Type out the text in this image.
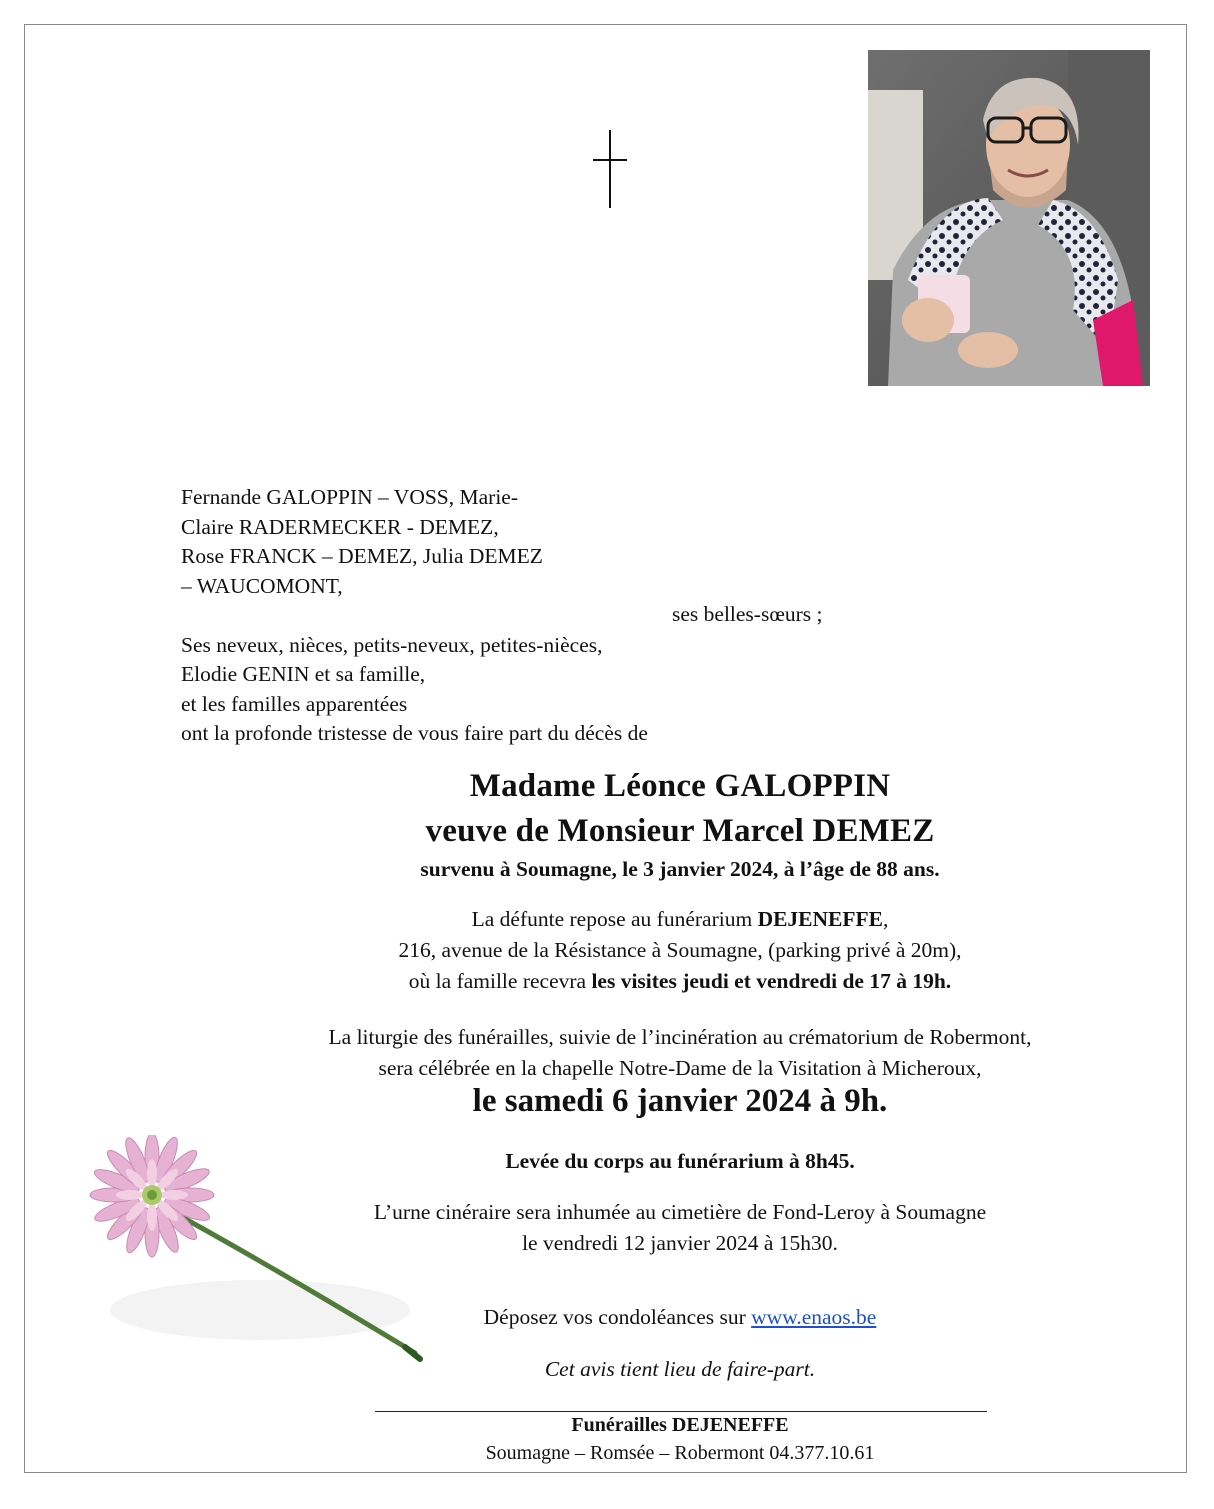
Fernande GALOPPIN – VOSS, Marie-
Claire RADERMECKER - DEMEZ,
Rose FRANCK – DEMEZ, Julia DEMEZ
– WAUCOMONT,
Ses neveux, nièces, petits-neveux, petites-nièces,
Elodie GENIN et sa famille,
et les familles apparentées
ont la profonde tristesse de vous faire part du décès de
ses belles-sœurs ;
Madame Léonce GALOPPIN
veuve de Monsieur Marcel DEMEZ
survenu à Soumagne, le 3 janvier 2024, à l’âge de 88 ans.
La défunte repose au funérarium DEJENEFFE,
216, avenue de la Résistance à Soumagne, (parking privé à 20m),
où la famille recevra les visites jeudi et vendredi de 17 à 19h.
La liturgie des funérailles, suivie de l’incinération au crématorium de Robermont,
sera célébrée en la chapelle Notre-Dame de la Visitation à Micheroux,
le samedi 6 janvier 2024 à 9h.
Levée du corps au funérarium à 8h45.
L’urne cinéraire sera inhumée au cimetière de Fond-Leroy à Soumagne
le vendredi 12 janvier 2024 à 15h30.
Déposez vos condoléances sur www.enaos.be
Cet avis tient lieu de faire-part.
Funérailles DEJENEFFE
Soumagne – Romsée – Robermont 04.377.10.61
